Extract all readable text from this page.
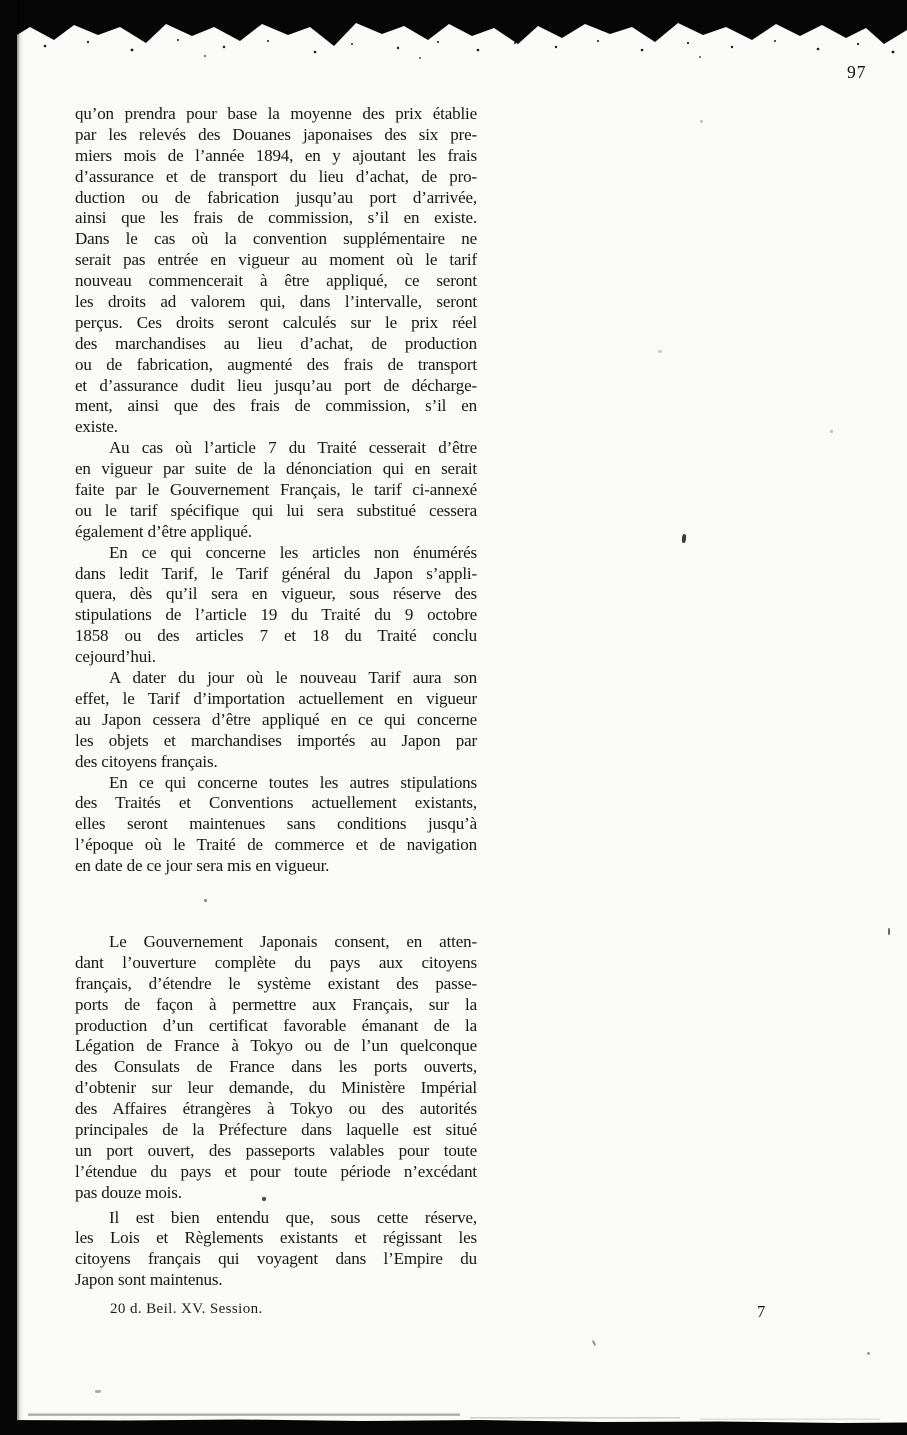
97
qu’on prendra pour base la moyenne des prix établie
par les relevés des Douanes japonaises des six pre-
miers mois de l’année 1894, en y ajoutant les frais
d’assurance et de transport du lieu d’achat, de pro-
duction ou de fabrication jusqu’au port d’arrivée,
ainsi que les frais de commission, s’il en existe.
Dans le cas où la convention supplémentaire ne
serait pas entrée en vigueur au moment où le tarif
nouveau commencerait à être appliqué, ce seront
les droits ad valorem qui, dans l’intervalle, seront
perçus. Ces droits seront calculés sur le prix réel
des marchandises au lieu d’achat, de production
ou de fabrication, augmenté des frais de transport
et d’assurance dudit lieu jusqu’au port de décharge-
ment, ainsi que des frais de commission, s’il en
existe.
Au cas où l’article 7 du Traité cesserait d’être
en vigueur par suite de la dénonciation qui en serait
faite par le Gouvernement Français, le tarif ci-annexé
ou le tarif spécifique qui lui sera substitué cessera
également d’être appliqué.
En ce qui concerne les articles non énumérés
dans ledit Tarif, le Tarif général du Japon s’appli-
quera, dès qu’il sera en vigueur, sous réserve des
stipulations de l’article 19 du Traité du 9 octobre
1858 ou des articles 7 et 18 du Traité conclu
cejourd’hui.
A dater du jour où le nouveau Tarif aura son
effet, le Tarif d’importation actuellement en vigueur
au Japon cessera d’être appliqué en ce qui concerne
les objets et marchandises importés au Japon par
des citoyens français.
En ce qui concerne toutes les autres stipulations
des Traités et Conventions actuellement existants,
elles seront maintenues sans conditions jusqu’à
l’époque où le Traité de commerce et de navigation
en date de ce jour sera mis en vigueur.
Le Gouvernement Japonais consent, en atten-
dant l’ouverture complète du pays aux citoyens
français, d’étendre le système existant des passe-
ports de façon à permettre aux Français, sur la
production d’un certificat favorable émanant de la
Légation de France à Tokyo ou de l’un quelconque
des Consulats de France dans les ports ouverts,
d’obtenir sur leur demande, du Ministère Impérial
des Affaires étrangères à Tokyo ou des autorités
principales de la Préfecture dans laquelle est situé
un port ouvert, des passeports valables pour toute
l’étendue du pays et pour toute période n’excédant
pas douze mois.
Il est bien entendu que, sous cette réserve,
les Lois et Règlements existants et régissant les
citoyens français qui voyagent dans l’Empire du
Japon sont maintenus.
20 d. Beil. XV. Session.	7
